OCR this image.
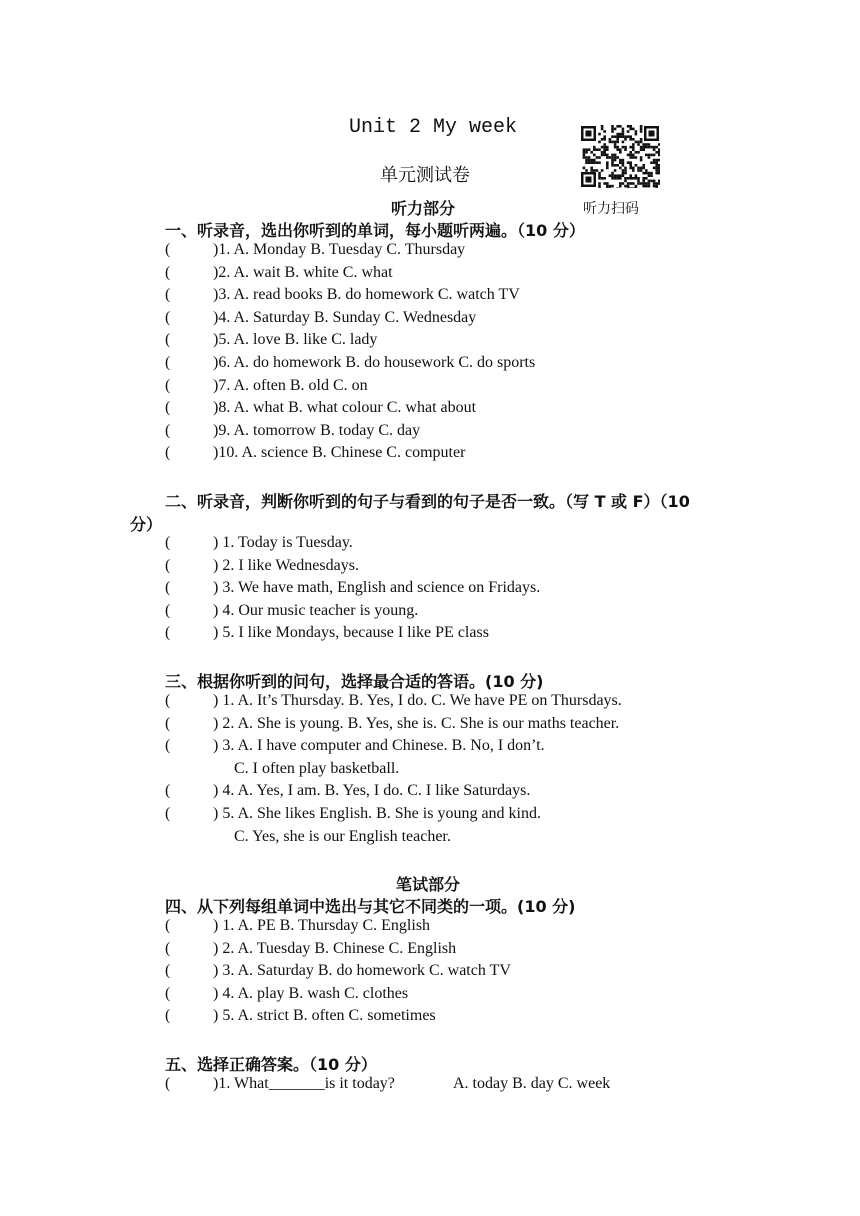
Unit 2 My week
单元测试卷
听力扫码
听力部分
一、听录音，选出你听到的单词，每小题听两遍。（10 分）
(	)1. A. Monday B. Tuesday C. Thursday
(	)2. A. wait B. white C. what
(	)3. A. read books B. do homework C. watch TV
(	)4. A. Saturday B. Sunday C. Wednesday
(	)5. A. love B. like C. lady
(	)6. A. do homework B. do housework C. do sports
(	)7. A. often B. old C. on
(	)8. A. what B. what colour C. what about
(	)9. A. tomorrow B. today C. day
(	)10. A. science B. Chinese C. computer
二、听录音，判断你听到的句子与看到的句子是否一致。（写 T 或 F）（10
分）
(	) 1. Today is Tuesday.
(	) 2. I like Wednesdays.
(	) 3. We have math, English and science on Fridays.
(	) 4. Our music teacher is young.
(	) 5. I like Mondays, because I like PE class
三、根据你听到的问句，选择最合适的答语。(10 分)
(	) 1. A. It’s Thursday. B. Yes, I do. C. We have PE on Thursdays.
(	) 2. A. She is young. B. Yes, she is. C. She is our maths teacher.
(	) 3. A. I have computer and Chinese. B. No, I don’t.
C. I often play basketball.
(	) 4. A. Yes, I am. B. Yes, I do. C. I like Saturdays.
(	) 5. A. She likes English. B. She is young and kind.
C. Yes, she is our English teacher.
笔试部分
四、从下列每组单词中选出与其它不同类的一项。(10 分)
(	) 1. A. PE B. Thursday C. English
(	) 2. A. Tuesday B. Chinese C. English
(	) 3. A. Saturday B. do homework C. watch TV
(	) 4. A. play B. wash C. clothes
(	) 5. A. strict B. often C. sometimes
五、选择正确答案。（10 分）
(	)1. What_______is it today?	A. today B. day C. week
